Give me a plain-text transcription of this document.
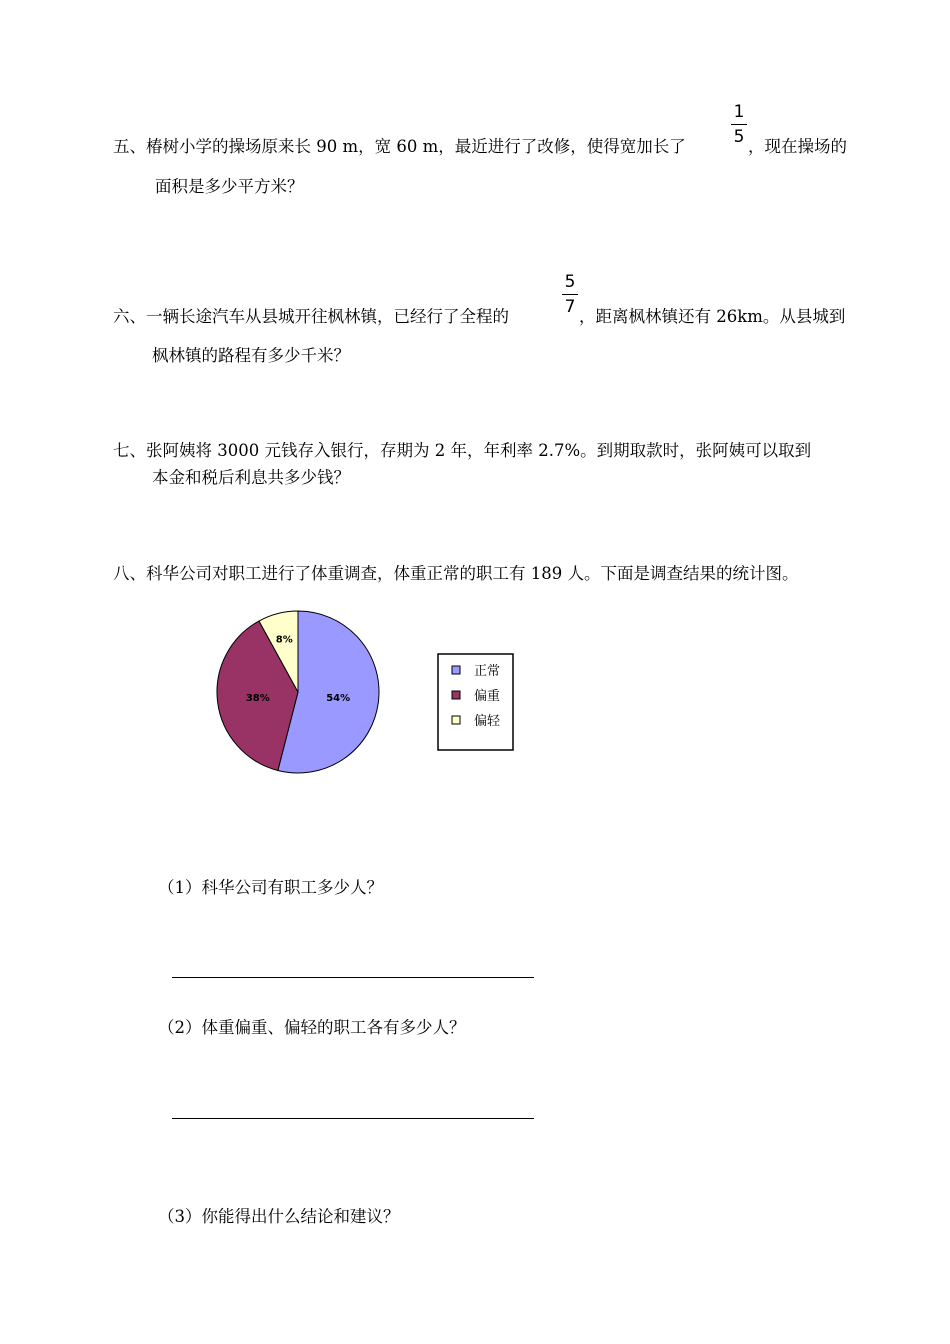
五、椿树小学的操场原来长 90 m，宽 60 m，最近进行了改修，使得宽加长了
1
5 ，现在操场的
面积是多少平方米？
六、一辆长途汽车从县城开往枫林镇，已经行了全程的
5
7 ，距离枫林镇还有 26km。从县城到
枫林镇的路程有多少千米？
七、张阿姨将 3000 元钱存入银行，存期为 2 年，年利率 2.7%。到期取款时，张阿姨可以取到
本金和税后利息共多少钱？
八、科华公司对职工进行了体重调查，体重正常的职工有 189 人。下面是调查结果的统计图。
54%
38%
8%
正常
偏重
偏轻
（1）科华公司有职工多少人？
（2）体重偏重、偏轻的职工各有多少人？
（3）你能得出什么结论和建议？
